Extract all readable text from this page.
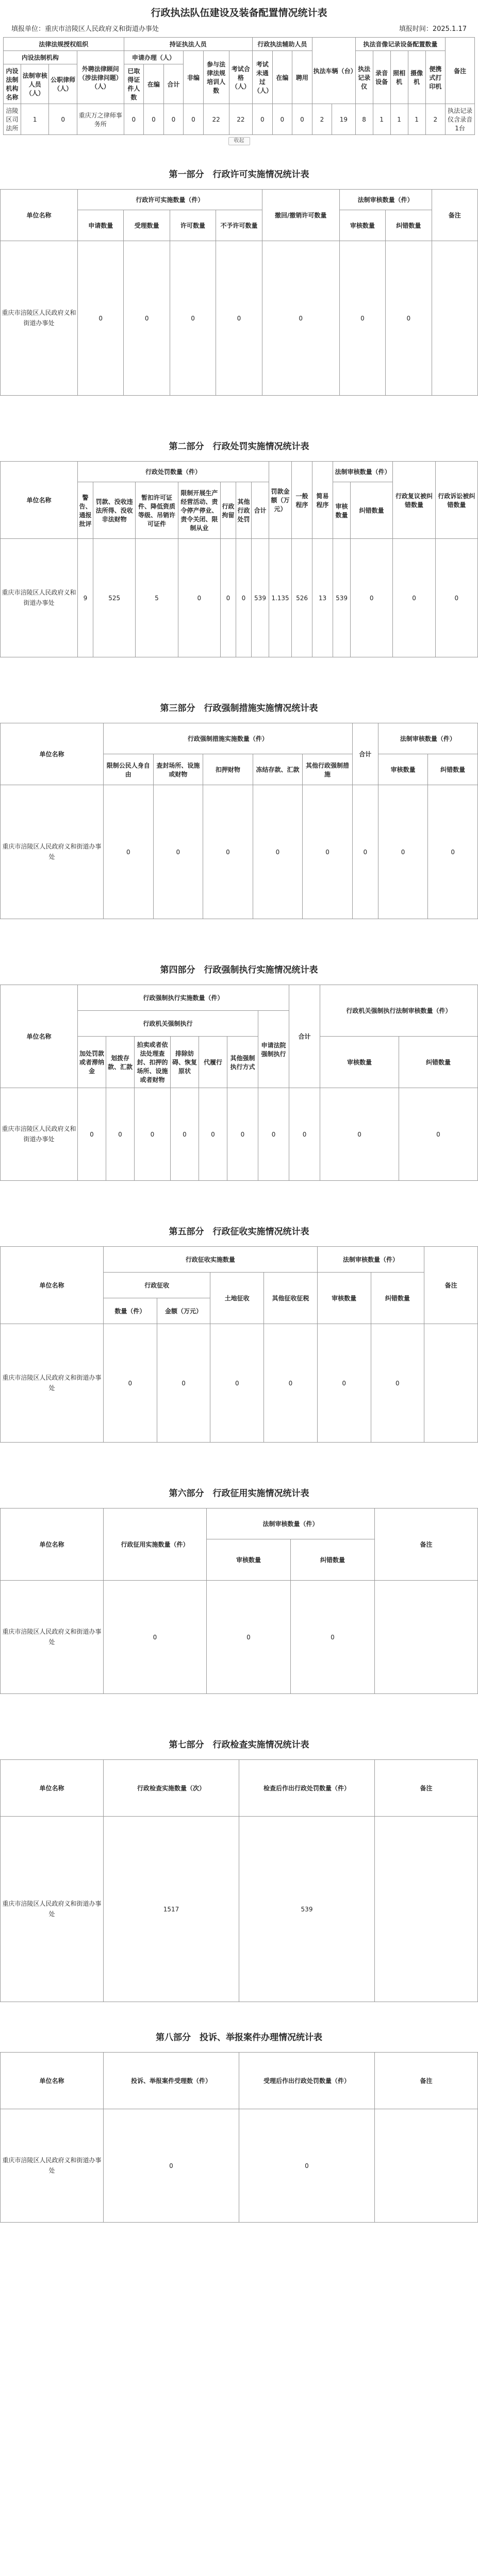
行政执法队伍建设及装备配置情况统计表
填报单位：重庆市涪陵区人民政府义和街道办事处	填报时间：2025.1.17
法律法规授权组织				持证执法人员						行政执法辅助人员			执法车辆（台）		执法音像记录设备配置数量					备注
内设法制机构			外聘法律顾问（涉法律问题）（人）	申请办理（人）			非编	参与法律法规培训人数	考试合格（人）	考试未通过（人）	在编	聘用			执法记录仪	录音设备	照相机	摄像机	便携式打印机	
内设法制机构名称	法制审核人员（人）	公职律师（人）		已取得证件人数	在编	合计														
涪陵区司法所	1	0	重庆万之律师事务所	0	0	0	0	22	22	0	0	0	2	19	8	1	1	1	2	执法记录仪含录音1台
收起
第一部分　行政许可实施情况统计表
单位名称	行政许可实施数量（件）				撤回/撤销许可数量	法制审核数量（件）		备注
	申请数量	受理数量	许可数量	不予许可数量		审核数量	纠错数量	
重庆市涪陵区人民政府义和街道办事处	0	0	0	0	0	0	0	
第二部分　行政处罚实施情况统计表
单位名称	行政处罚数量（件）							罚款金额（万元）	一般程序	简易程序	法制审核数量（件）		行政复议被纠错数量	行政诉讼被纠错数量
	警告、通报批评	罚款、没收违法所得、没收非法财物	暂扣许可证件、降低资质等级、吊销许可证件	限制开展生产经营活动、责令停产停业、责令关闭、限制从业	行政拘留	其他行政处罚	合计				审核数量	纠错数量		

重庆市涪陵区人民政府义和街道办事处	9	525	5	0	0	0	539	1.135	526	13	539	0	0	0
第三部分　行政强制措施实施情况统计表
单位名称	行政强制措施实施数量（件）					合计	法制审核数量（件）	
	限制公民人身自由	查封场所、设施或财物	扣押财物	冻结存款、汇款	其他行政强制措施		审核数量	纠错数量
重庆市涪陵区人民政府义和街道办事处	0	0	0	0	0	0	0	0
第四部分　行政强制执行实施情况统计表
单位名称	行政强制执行实施数量（件）							合计	行政机关强制执行法制审核数量（件）	
	行政机关强制执行						申请法院强制执行			
	加处罚款或者滞纳金	划拨存款、汇款	拍卖或者依法处理查封、扣押的场所、设施或者财物	排除妨碍、恢复原状	代履行	其他强制执行方式			审核数量	纠错数量
重庆市涪陵区人民政府义和街道办事处	0	0	0	0	0	0	0	0	0	0
第五部分　行政征收实施情况统计表
单位名称	行政征收实施数量				法制审核数量（件）		备注
	行政征收		土地征收	其他征收征税	审核数量	纠错数量	
	数量（件）	金额（万元）					
重庆市涪陵区人民政府义和街道办事处	0	0	0	0	0	0	
第六部分　行政征用实施情况统计表
单位名称	行政征用实施数量（件）	法制审核数量（件）		备注
		审核数量	纠错数量	
重庆市涪陵区人民政府义和街道办事处	0	0	0	
第七部分　行政检查实施情况统计表
单位名称	行政检查实施数量（次）	检查后作出行政处罚数量（件）	备注
重庆市涪陵区人民政府义和街道办事处	1517	539	
第八部分　投诉、举报案件办理情况统计表
单位名称	投诉、举报案件受理数（件）	受理后作出行政处罚数量（件）	备注
重庆市涪陵区人民政府义和街道办事处	0	0	
